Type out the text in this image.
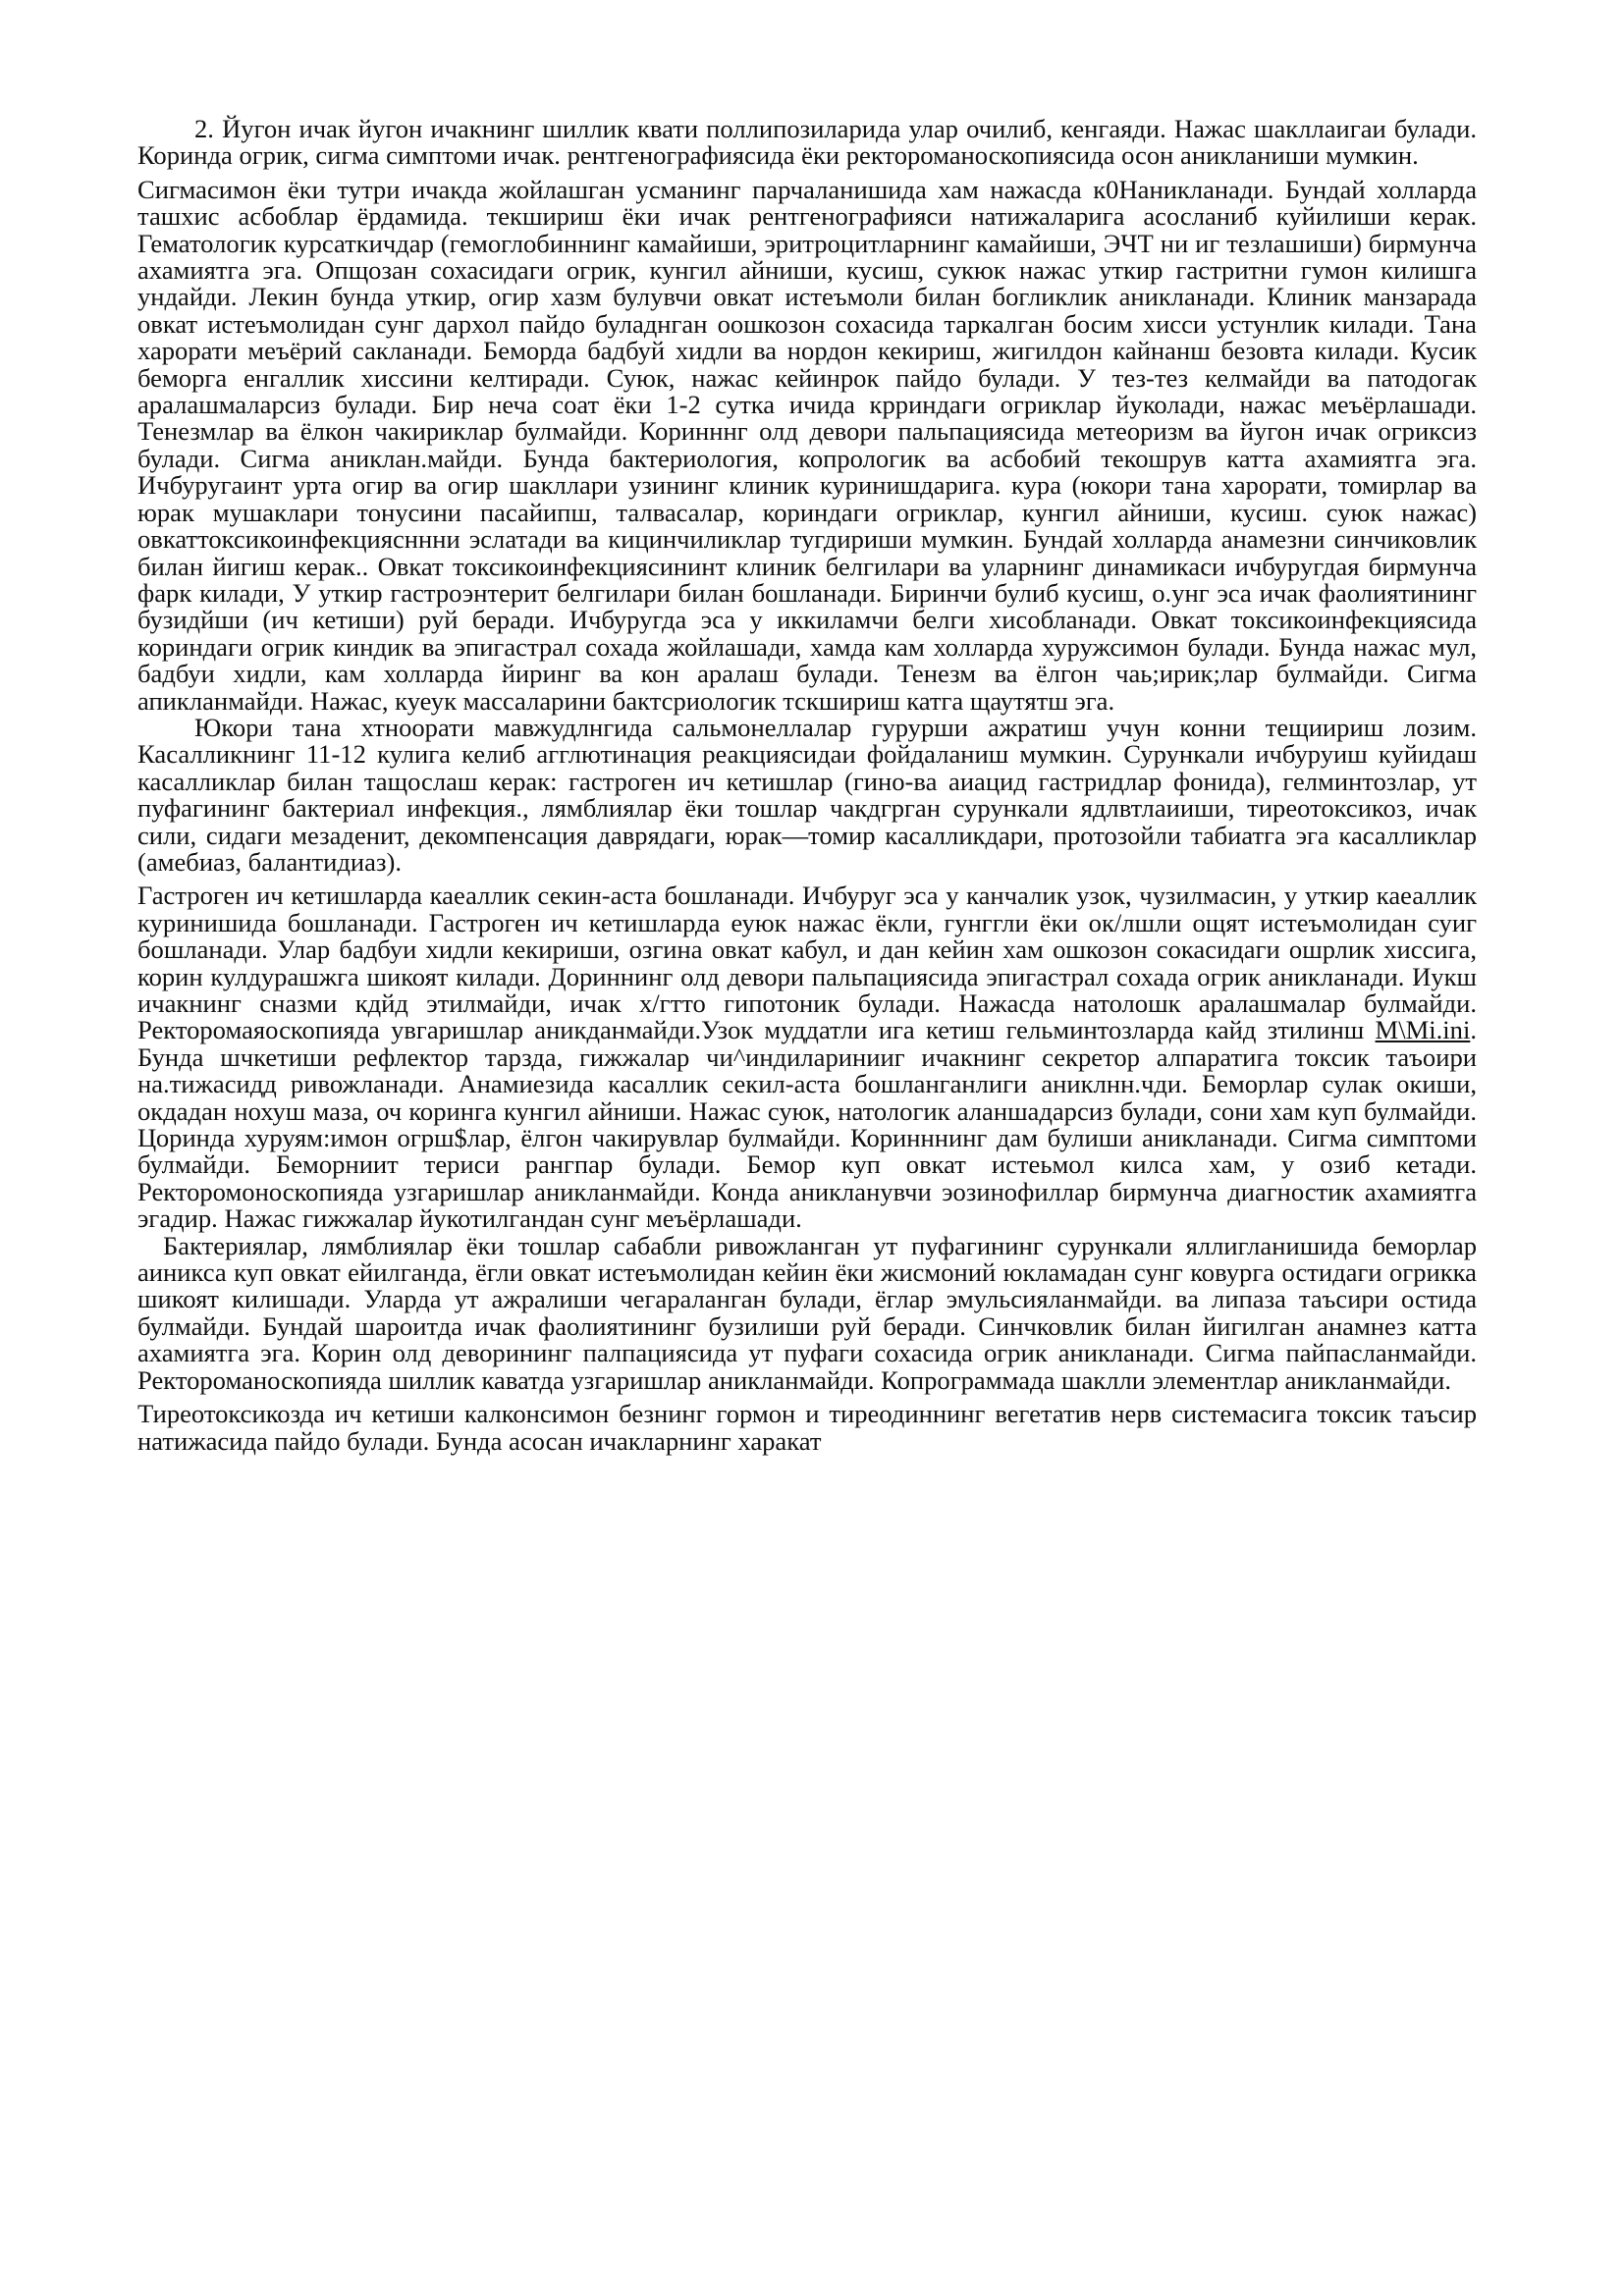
2. Йугон ичак йугон ичакнинг шиллик квати поллипозиларида улар очилиб, кенгаяди. Нажас шакллаигаи булади. Коринда огрик, сигма симптоми ичак. рентгенографиясида ёки ректороманоскопиясида осон аникланиши мумкин.

Сигмасимон ёки тутри ичакда жойлашган усманинг парчаланишида хам нажасда к0Наникланади. Бундай холларда ташхис асбоблар ёрдамида. текшириш ёки ичак рентгенографияси натижаларига асосланиб куйилиши керак. Гематологик курсаткичдар (гемоглобиннинг камайиши, эритроцитларнинг камайиши, ЭЧТ ни иг тезлашиши) бирмунча ахамиятга эга. Опщозан сохасидаги огрик, кунгил айниши, кусиш, сукюк нажас уткир гастритни гумон килишга ундайди. Лекин бунда уткир, огир хазм булувчи овкат истеъмоли билан богликлик аникланади. Клиник манзарада овкат истеъмолидан сунг дархол пайдо буладнган оошкозон сохасида таркалган босим хисси устунлик килади. Тана харорати меъёрий сакланади. Беморда бадбуй хидли ва нордон кекириш, жигилдон кайнанш безовта килади. Кусик беморга енгаллик хиссини келтиради. Суюк, нажас кейинрок пайдо булади. У тез-тез келмайди ва патодогак аралашмаларсиз булади. Бир неча соат ёки 1-2 сутка ичида крриндаги огриклар йуколади, нажас меъёрлашади. Тенезмлар ва ёлкон чакириклар булмайди. Коринннг олд девори пальпациясида метеоризм ва йугон ичак огриксиз булади. Сигма аниклан.майди. Бунда бактериология, копрологик ва асбобий текошрув катта ахамиятга эга. Ичбуругаинт урта огир ва огир шакллари узининг клиник куринишдарига. кура (юкори тана харорати, томирлар ва юрак мушаклари тонусини пасайипш, талвасалар, кориндаги огриклар, кунгил айниши, кусиш. суюк нажас) овкаттоксикоинфекциясннни эслатади ва кицинчиликлар тугдириши мумкин. Бундай холларда анамезни синчиковлик билан йигиш керак.. Овкат токсикоинфекциясининт клиник белгилари ва уларнинг динамикаси ичбуругдая бирмунча фарк килади, У уткир гастроэнтерит белгилари билан бошланади. Биринчи булиб кусиш, о.унг эса ичак фаолиятининг бузидйши (ич кетиши) руй беради. Ичбуругда эса у иккиламчи белги хисобланади. Овкат токсикоинфекциясида кориндаги огрик киндик ва эпигастрал сохада жойлашади, хамда кам холларда хуружсимон булади. Бунда нажас мул, бадбуи хидли, кам холларда йиринг ва кон аралаш булади. Тенезм ва ёлгон чаь;ирик;лар булмайди. Сигма апикланмайди. Нажас, куеук массаларини бактсриологик тскшириш катга щаутятш эга.

Юкори тана хтноорати мавжудлнгида сальмонеллалар гурурши ажратиш учун конни тещиириш лозим. Касалликнинг 11-12 кулига келиб агглютинация реакциясидаи фойдаланиш мумкин. Сурункали ичбуруиш куйидаш касалликлар билан тащослаш керак: гастроген ич кетишлар (гино-ва аиацид гастридлар фонида), гелминтозлар, ут пуфагининг бактериал инфекция., лямблиялар ёки тошлар чакдгрган сурункали ядлвтлаииши, тиреотоксикоз, ичак сили, сидаги мезаденит, декомпенсация даврядаги, юрак—томир касалликдари, протозойли табиатга эга касалликлар (амебиаз, балантидиаз).

Гастроген ич кетишларда каеаллик секин-аста бошланади. Ичбуруг эса у канчалик узок, чузилмасин, у уткир каеаллик куринишида бошланади. Гастроген ич кетишларда еуюк нажас ёкли, гунггли ёки ок/лшли ощят истеъмолидан суиг бошланади. Улар бадбуи хидли кекириши, озгина овкат кабул, и дан кейин хам ошкозон сокасидаги ошрлик хиссига, корин кулдурашжга шикоят килади. Дориннинг олд девори пальпациясида эпигастрал сохада огрик аникланади. Иукш ичакнинг сназми кдйд этилмайди, ичак х/гтто гипотоник булади. Нажасда натолошк аралашмалар булмайди. Ректоромаяоскопияда увгаришлар аникданмайди.Узок муддатли ига кетиш гельминтозларда кайд зтилинш M\Mi.ini. Бунда шчкетиши рефлектор тарзда, гижжалар чи^индиларинииг ичакнинг секретор алпаратига токсик таъоири на.тижасидд ривожланади. Анамиезида касаллик секил-аста бошланганлиги аниклнн.чди. Беморлар сулак окиши, окдадан нохуш маза, оч коринга кунгил айниши. Нажас суюк, натологик аланшадарсиз булади, сони хам куп булмайди. Цоринда хуруям:имон огрш$лар, ёлгон чакирувлар булмайди. Коринннинг дам булиши аникланади. Сигма симптоми булмайди. Беморниит териси рангпар булади. Бемор куп овкат истеьмол килса хам, у озиб кетади. Ректоромоноскопияда узгаришлар аникланмайди. Конда аникланувчи эозинофиллар бирмунча диагностик ахамиятга эгадир. Нажас гижжалар йукотилгандан сунг меъёрлашади.

Бактериялар, лямблиялар ёки тошлар сабабли ривожланган ут пуфагининг сурункали яллигланишида беморлар аиникса куп овкат ейилганда, ёгли овкат истеъмолидан кейин ёки жисмоний юкламадан сунг ковурга остидаги огрикка шикоят килишади. Уларда ут ажралиши чегараланган булади, ёглар эмульсияланмайди. ва липаза таъсири остида булмайди. Бундай шароитда ичак фаолиятининг бузилиши руй беради. Синчковлик билан йигилган анамнез катта ахамиятга эга. Корин олд деворининг палпациясида ут пуфаги сохасида огрик аникланади. Сигма пайпасланмайди. Ректороманоскопияда шиллик каватда узгаришлар аникланмайди. Копрограммада шаклли элементлар аникланмайди.

Тиреотоксикозда ич кетиши калконсимон безнинг гормон и тиреодиннинг вегетатив нерв системасига токсик таъсир натижасида пайдо булади. Бунда асосан ичакларнинг харакат
